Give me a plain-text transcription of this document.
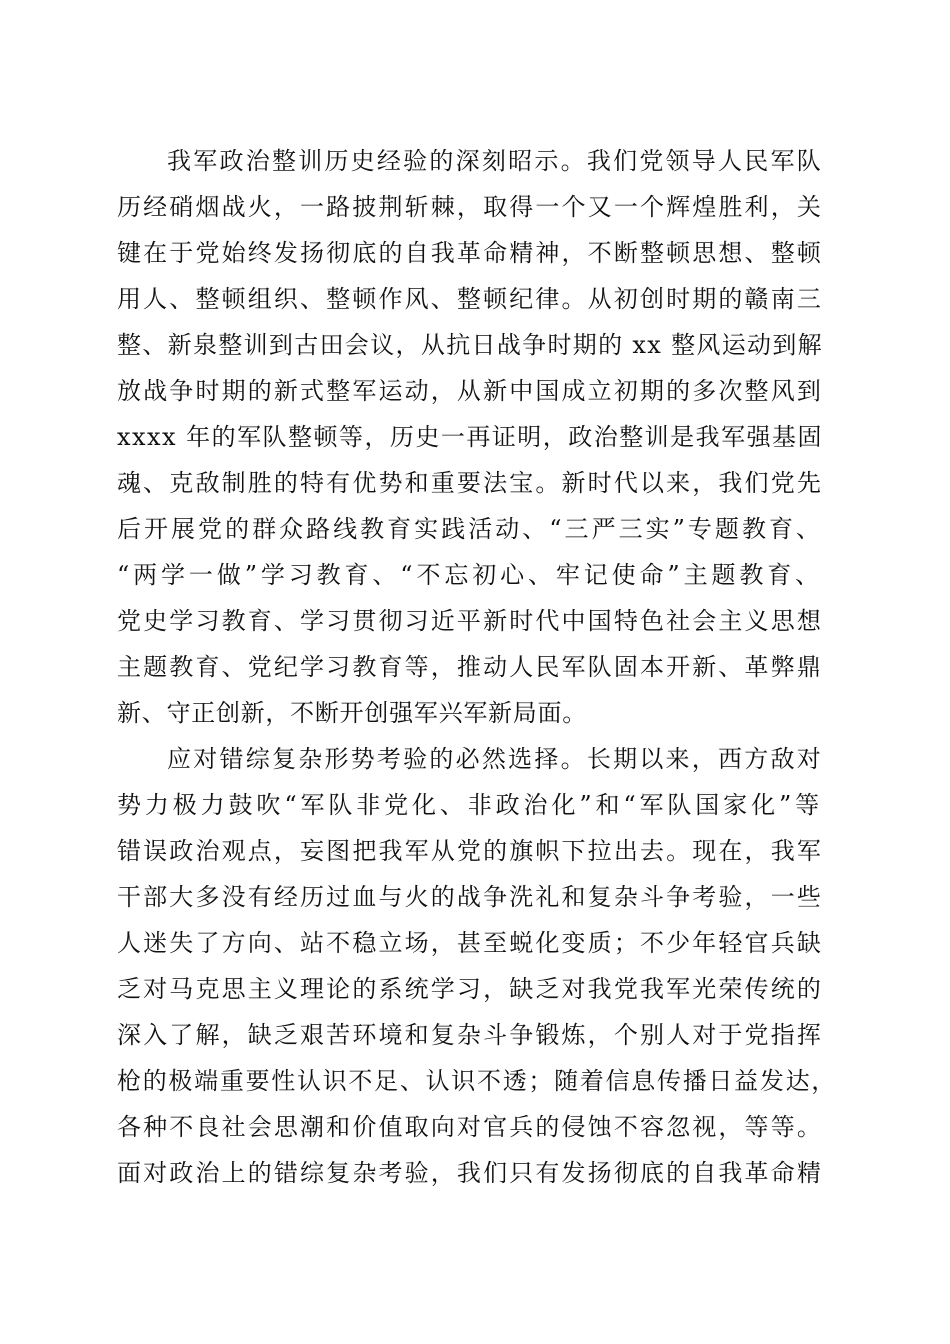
我军政治整训历史经验的深刻昭示。我们党领导人民军队
历经硝烟战火，一路披荆斩棘，取得一个又一个辉煌胜利，关
键在于党始终发扬彻底的自我革命精神，不断整顿思想、整顿
用人、整顿组织、整顿作风、整顿纪律。从初创时期的赣南三
整、新泉整训到古田会议，从抗日战争时期的 xx 整风运动到解
放战争时期的新式整军运动，从新中国成立初期的多次整风到
xxxx 年的军队整顿等，历史一再证明，政治整训是我军强基固
魂、克敌制胜的特有优势和重要法宝。新时代以来，我们党先
后开展党的群众路线教育实践活动、“三严三实”专题教育、
“两学一做”学习教育、“不忘初心、牢记使命”主题教育、
党史学习教育、学习贯彻习近平新时代中国特色社会主义思想
主题教育、党纪学习教育等，推动人民军队固本开新、革弊鼎
新、守正创新，不断开创强军兴军新局面。
应对错综复杂形势考验的必然选择。长期以来，西方敌对
势力极力鼓吹“军队非党化、非政治化”和“军队国家化”等
错误政治观点，妄图把我军从党的旗帜下拉出去。现在，我军
干部大多没有经历过血与火的战争洗礼和复杂斗争考验，一些
人迷失了方向、站不稳立场，甚至蜕化变质；不少年轻官兵缺
乏对马克思主义理论的系统学习，缺乏对我党我军光荣传统的
深入了解，缺乏艰苦环境和复杂斗争锻炼，个别人对于党指挥
枪的极端重要性认识不足、认识不透；随着信息传播日益发达，
各种不良社会思潮和价值取向对官兵的侵蚀不容忽视，等等。
面对政治上的错综复杂考验，我们只有发扬彻底的自我革命精
